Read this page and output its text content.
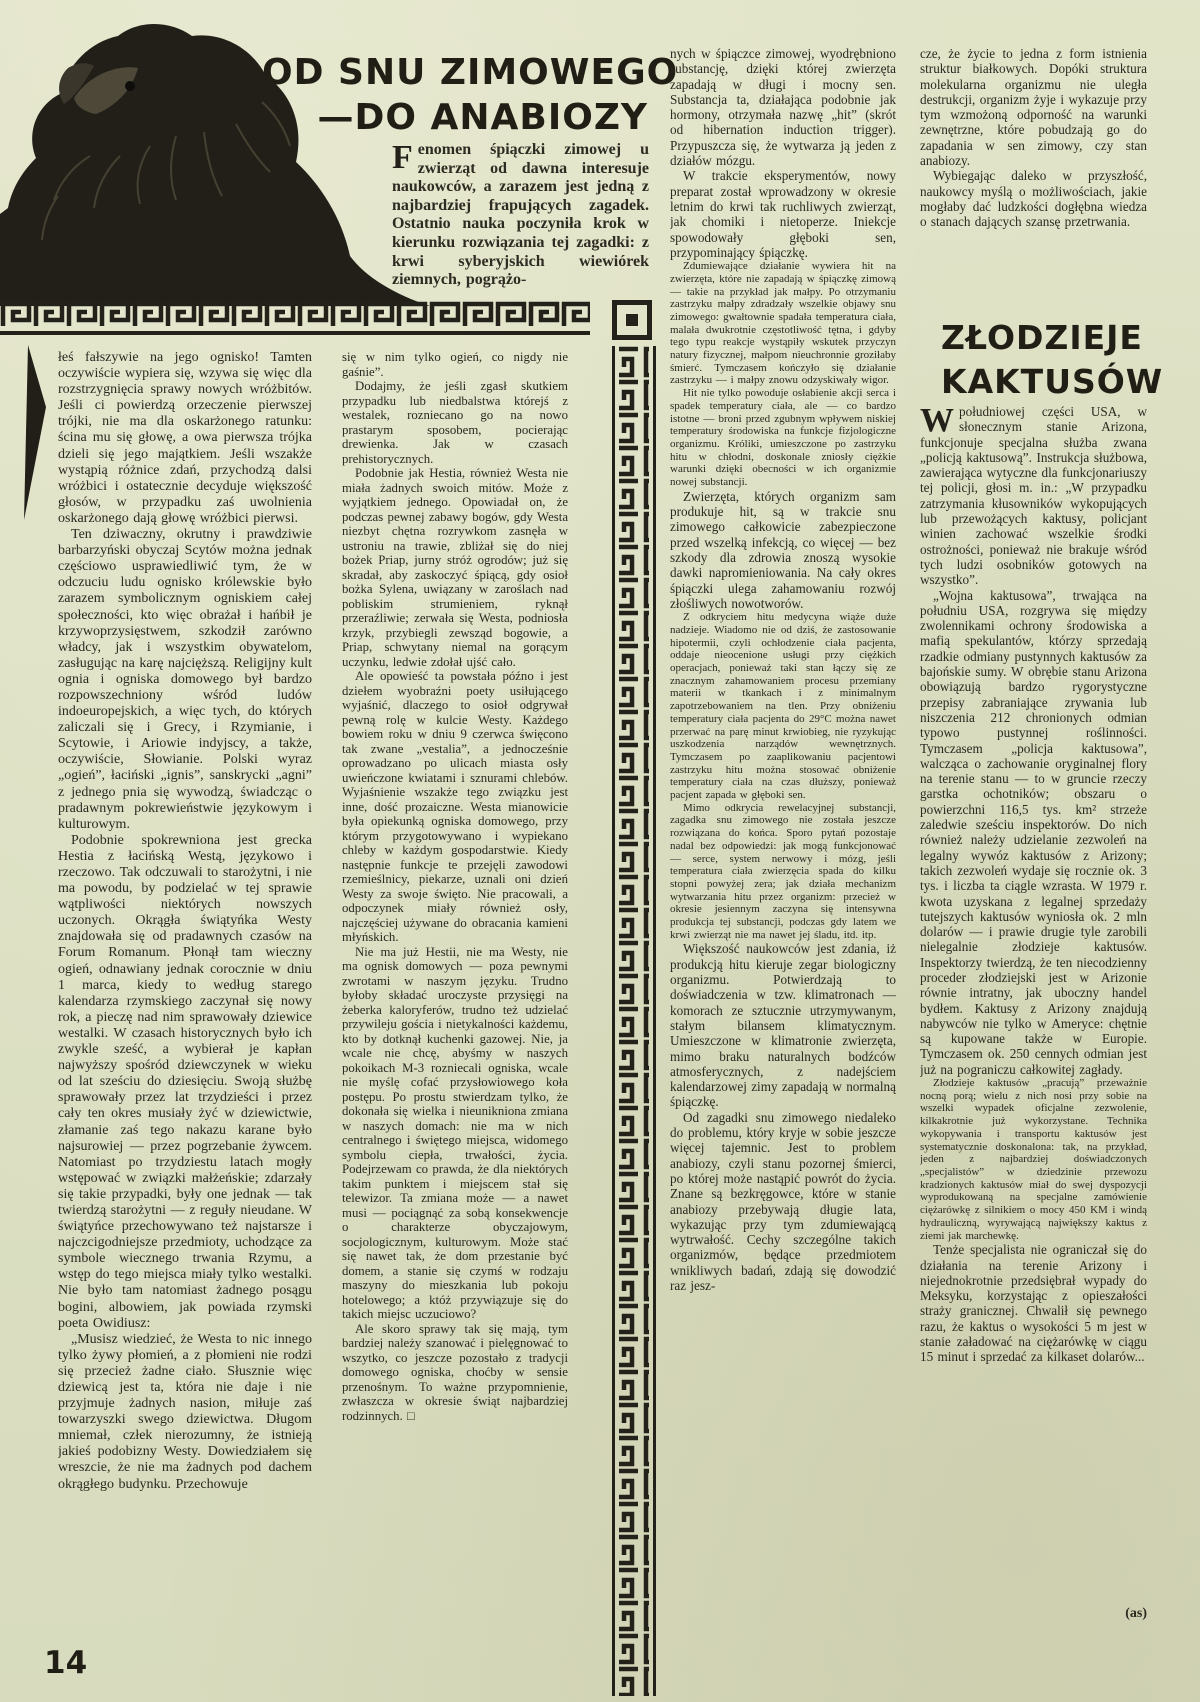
OD SNU ZIMOWEGO
—DO ANABIOZY

Fenomen śpiączki zimowej u zwierząt od dawna interesuje naukowców, a zarazem jest jedną z najbardziej frapujących zagadek. Ostatnio nauka poczyniła krok w kierunku rozwiązania tej zagadki: z krwi syberyjskich wiewiórek ziemnych, pogrążo-

łeś fałszywie na jego ognisko! Tamten oczywiście wypiera się, wzywa się więc dla rozstrzygnięcia sprawy nowych wróżbitów. Jeśli ci powierdzą orzeczenie pierwszej trójki, nie ma dla oskarżonego ratunku: ścina mu się głowę, a owa pierwsza trójka dzieli się jego majątkiem. Jeśli wszakże wystąpią różnice zdań, przychodzą dalsi wróżbici i ostatecznie decyduje większość głosów, w przypadku zaś uwolnienia oskarżonego dają głowę wróżbici pierwsi.

Ten dziwaczny, okrutny i prawdziwie barbarzyński obyczaj Scytów można jednak częściowo usprawiedliwić tym, że w odczuciu ludu ognisko królewskie było zarazem symbolicznym ogniskiem całej społeczności, kto więc obrażał i hańbił je krzywoprzysięstwem, szkodził zarówno władcy, jak i wszystkim obywatelom, zasługując na karę najcięższą. Religijny kult ognia i ogniska domowego był bardzo rozpowszechniony wśród ludów indoeuropejskich, a więc tych, do których zaliczali się i Grecy, i Rzymianie, i Scytowie, i Ariowie indyjscy, a także, oczywiście, Słowianie. Polski wyraz „ogień”, łaciński „ignis”, sanskrycki „agni” z jednego pnia się wywodzą, świadcząc o pradawnym pokrewieństwie językowym i kulturowym.

Podobnie spokrewniona jest grecka Hestia z łacińską Westą, językowo i rzeczowo. Tak odczuwali to starożytni, i nie ma powodu, by podzielać w tej sprawie wątpliwości niektórych nowszych uczonych. Okrągła świątyńka Westy znajdowała się od pradawnych czasów na Forum Romanum. Płonął tam wieczny ogień, odnawiany jednak corocznie w dniu 1 marca, kiedy to według starego kalendarza rzymskiego zaczynał się nowy rok, a pieczę nad nim sprawowały dziewice westalki. W czasach historycznych było ich zwykle sześć, a wybierał je kapłan najwyższy spośród dziewczynek w wieku od lat sześciu do dziesięciu. Swoją służbę sprawowały przez lat trzydzieści i przez cały ten okres musiały żyć w dziewictwie, złamanie zaś tego nakazu karane było najsurowiej — przez pogrzebanie żywcem. Natomiast po trzydziestu latach mogły wstępować w związki małżeńskie; zdarzały się takie przypadki, były one jednak — tak twierdzą starożytni — z reguły nieudane. W świątyńce przechowywano też najstarsze i najczcigodniejsze przedmioty, uchodzące za symbole wiecznego trwania Rzymu, a wstęp do tego miejsca miały tylko westalki. Nie było tam natomiast żadnego posągu bogini, albowiem, jak powiada rzymski poeta Owidiusz:

„Musisz wiedzieć, że Westa to nic innego tylko żywy płomień, a z płomieni nie rodzi się przecież żadne ciało. Słusznie więc dziewicą jest ta, która nie daje i nie przyjmuje żadnych nasion, miłuje zaś towarzyszki swego dziewictwa. Długom mniemał, człek nierozumny, że istnieją jakieś podobizny Westy. Dowiedziałem się wreszcie, że nie ma żadnych pod dachem okrągłego budynku. Przechowuje

się w nim tylko ogień, co nigdy nie gaśnie”.

Dodajmy, że jeśli zgasł skutkiem przypadku lub niedbalstwa którejś z westalek, rozniecano go na nowo prastarym sposobem, pocierając drewienka. Jak w czasach prehistorycznych.

Podobnie jak Hestia, również Westa nie miała żadnych swoich mitów. Może z wyjątkiem jednego. Opowiadał on, że podczas pewnej zabawy bogów, gdy Westa niezbyt chętna rozrywkom zasnęła w ustroniu na trawie, zbliżał się do niej bożek Priap, jurny stróż ogrodów; już się skradał, aby zaskoczyć śpiącą, gdy osioł bożka Sylena, uwiązany w zaroślach nad pobliskim strumieniem, ryknął przeraźliwie; zerwała się Westa, podniosła krzyk, przybiegli zewsząd bogowie, a Priap, schwytany niemal na gorącym uczynku, ledwie zdołał ujść cało.

Ale opowieść ta powstała późno i jest dziełem wyobraźni poety usiłującego wyjaśnić, dlaczego to osioł odgrywał pewną rolę w kulcie Westy. Każdego bowiem roku w dniu 9 czerwca święcono tak zwane „vestalia”, a jednocześnie oprowadzano po ulicach miasta osły uwieńczone kwiatami i sznurami chlebów. Wyjaśnienie wszakże tego związku jest inne, dość prozaiczne. Westa mianowicie była opiekunką ogniska domowego, przy którym przygotowywano i wypiekano chleby w każdym gospodarstwie. Kiedy następnie funkcje te przejęli zawodowi rzemieślnicy, piekarze, uznali oni dzień Westy za swoje święto. Nie pracowali, a odpoczynek miały również osły, najczęściej używane do obracania kamieni młyńskich.

Nie ma już Hestii, nie ma Westy, nie ma ognisk domowych — poza pewnymi zwrotami w naszym języku. Trudno byłoby składać uroczyste przysięgi na żeberka kaloryferów, trudno też udzielać przywileju gościa i nietykalności każdemu, kto by dotknął kuchenki gazowej. Nie, ja wcale nie chcę, abyśmy w naszych pokoikach M-3 rozniecali ogniska, wcale nie myślę cofać przysłowiowego koła postępu. Po prostu stwierdzam tylko, że dokonała się wielka i nieunikniona zmiana w naszych domach: nie ma w nich centralnego i świętego miejsca, widomego symbolu ciepła, trwałości, życia. Podejrzewam co prawda, że dla niektórych takim punktem i miejscem stał się telewizor. Ta zmiana może — a nawet musi — pociągnąć za sobą konsekwencje o charakterze obyczajowym, socjologicznym, kulturowym. Może stać się nawet tak, że dom przestanie być domem, a stanie się czymś w rodzaju maszyny do mieszkania lub pokoju hotelowego; a któż przywiązuje się do takich miejsc uczuciowo?

Ale skoro sprawy tak się mają, tym bardziej należy szanować i pielęgnować to wszytko, co jeszcze pozostało z tradycji domowego ogniska, choćby w sensie przenośnym. To ważne przypomnienie, zwłaszcza w okresie świąt najbardziej rodzinnych. □

nych w śpiączce zimowej, wyodrębniono substancję, dzięki której zwierzęta zapadają w długi i mocny sen. Substancja ta, działająca podobnie jak hormony, otrzymała nazwę „hit” (skrót od hibernation induction trigger). Przypuszcza się, że wytwarza ją jeden z działów mózgu.

W trakcie eksperymentów, nowy preparat został wprowadzony w okresie letnim do krwi tak ruchliwych zwierząt, jak chomiki i nietoperze. Iniekcje spowodowały głęboki sen, przypominający śpiączkę.

Zdumiewające działanie wywiera hit na zwierzęta, które nie zapadają w śpiączkę zimową — takie na przykład jak małpy. Po otrzymaniu zastrzyku małpy zdradzały wszelkie objawy snu zimowego: gwałtownie spadała temperatura ciała, malała dwukrotnie częstotliwość tętna, i gdyby tego typu reakcje wystąpiły wskutek przyczyn natury fizycznej, małpom nieuchronnie groziłaby śmierć. Tymczasem kończyło się działanie zastrzyku — i małpy znowu odzyskiwały wigor.

Hit nie tylko powoduje osłabienie akcji serca i spadek temperatury ciała, ale — co bardzo istotne — broni przed zgubnym wpływem niskiej temperatury środowiska na funkcje fizjologiczne organizmu. Króliki, umieszczone po zastrzyku hitu w chłodni, doskonale zniosły ciężkie warunki dzięki obecności w ich organizmie nowej substancji.

Zwierzęta, których organizm sam produkuje hit, są w trakcie snu zimowego całkowicie zabezpieczone przed wszelką infekcją, co więcej — bez szkody dla zdrowia znoszą wysokie dawki napromieniowania. Na cały okres śpiączki ulega zahamowaniu rozwój złośliwych nowotworów.

Z odkryciem hitu medycyna wiąże duże nadzieje. Wiadomo nie od dziś, że zastosowanie hipotermii, czyli ochłodzenie ciała pacjenta, oddaje nieocenione usługi przy ciężkich operacjach, ponieważ taki stan łączy się ze znacznym zahamowaniem procesu przemiany materii w tkankach i z minimalnym zapotrzebowaniem na tlen. Przy obniżeniu temperatury ciała pacjenta do 29°C można nawet przerwać na parę minut krwiobieg, nie ryzykując uszkodzenia narządów wewnętrznych. Tymczasem po zaaplikowaniu pacjentowi zastrzyku hitu można stosować obniżenie temperatury ciała na czas dłuższy, ponieważ pacjent zapada w głęboki sen.

Mimo odkrycia rewelacyjnej substancji, zagadka snu zimowego nie została jeszcze rozwiązana do końca. Sporo pytań pozostaje nadal bez odpowiedzi: jak mogą funkcjonować — serce, system nerwowy i mózg, jeśli temperatura ciała zwierzęcia spada do kilku stopni powyżej zera; jak działa mechanizm wytwarzania hitu przez organizm: przecież w okresie jesiennym zaczyna się intensywna produkcja tej substancji, podczas gdy latem we krwi zwierząt nie ma nawet jej śladu, itd. itp.

Większość naukowców jest zdania, iż produkcją hitu kieruje zegar biologiczny organizmu. Potwierdzają to doświadczenia w tzw. klimatronach — komorach ze sztucznie utrzymywanym, stałym bilansem klimatycznym. Umieszczone w klimatronie zwierzęta, mimo braku naturalnych bodźców atmosferycznych, z nadejściem kalendarzowej zimy zapadają w normalną śpiączkę.

Od zagadki snu zimowego niedaleko do problemu, który kryje w sobie jeszcze więcej tajemnic. Jest to problem anabiozy, czyli stanu pozornej śmierci, po której może nastąpić powrót do życia. Znane są bezkręgowce, które w stanie anabiozy przebywają długie lata, wykazując przy tym zdumiewającą wytrwałość. Cechy szczególne takich organizmów, będące przedmiotem wnikliwych badań, zdają się dowodzić raz jesz-

cze, że życie to jedna z form istnienia struktur białkowych. Dopóki struktura molekularna organizmu nie uległa destrukcji, organizm żyje i wykazuje przy tym wzmożoną odporność na warunki zewnętrzne, które pobudzają go do zapadania w sen zimowy, czy stan anabiozy.

Wybiegając daleko w przyszłość, naukowcy myślą o możliwościach, jakie mogłaby dać ludzkości dogłębna wiedza o stanach dających szansę przetrwania.

ZŁODZIEJE
KAKTUSÓW

Wpołudniowej części USA, w słonecznym stanie Arizona, funkcjonuje specjalna służba zwana „policją kaktusową”. Instrukcja służbowa, zawierająca wytyczne dla funkcjonariuszy tej policji, głosi m. in.: „W przypadku zatrzymania kłusowników wykopujących lub przewożących kaktusy, policjant winien zachować wszelkie środki ostrożności, ponieważ nie brakuje wśród tych ludzi osobników gotowych na wszystko”.

„Wojna kaktusowa”, trwająca na południu USA, rozgrywa się między zwolennikami ochrony środowiska a mafią spekulantów, którzy sprzedają rzadkie odmiany pustynnych kaktusów za bajońskie sumy. W obrębie stanu Arizona obowiązują bardzo rygorystyczne przepisy zabraniające zrywania lub niszczenia 212 chronionych odmian typowo pustynnej roślinności. Tymczasem „policja kaktusowa”, walcząca o zachowanie oryginalnej flory na terenie stanu — to w gruncie rzeczy garstka ochotników; obszaru o powierzchni 116,5 tys. km² strzeże zaledwie sześciu inspektorów. Do nich również należy udzielanie zezwoleń na legalny wywóz kaktusów z Arizony; takich zezwoleń wydaje się rocznie ok. 3 tys. i liczba ta ciągle wzrasta. W 1979 r. kwota uzyskana z legalnej sprzedaży tutejszych kaktusów wyniosła ok. 2 mln dolarów — i prawie drugie tyle zarobili nielegalnie złodzieje kaktusów. Inspektorzy twierdzą, że ten niecodzienny proceder złodziejski jest w Arizonie równie intratny, jak uboczny handel bydłem. Kaktusy z Arizony znajdują nabywców nie tylko w Ameryce: chętnie są kupowane także w Europie. Tymczasem ok. 250 cennych odmian jest już na pograniczu całkowitej zagłady.

Złodzieje kaktusów „pracują” przeważnie nocną porą; wielu z nich nosi przy sobie na wszelki wypadek oficjalne zezwolenie, kilkakrotnie już wykorzystane. Technika wykopywania i transportu kaktusów jest systematycznie doskonalona: tak, na przykład, jeden z najbardziej doświadczonych „specjalistów” w dziedzinie przewozu kradzionych kaktusów miał do swej dyspozycji wyprodukowaną na specjalne zamówienie ciężarówkę z silnikiem o mocy 450 KM i windą hydrauliczną, wyrywającą największy kaktus z ziemi jak marchewkę.

Tenże specjalista nie ograniczał się do działania na terenie Arizony i niejednokrotnie przedsiębrał wypady do Meksyku, korzystając z opieszałości straży granicznej. Chwalił się pewnego razu, że kaktus o wysokości 5 m jest w stanie załadować na ciężarówkę w ciągu 15 minut i sprzedać za kilkaset dolarów...

(as)
14
